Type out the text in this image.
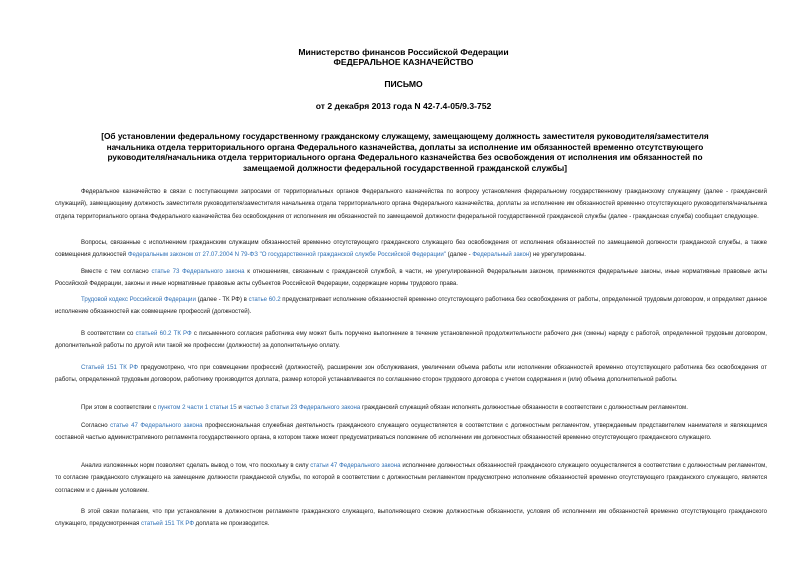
Министерство финансов Российской Федерации
ФЕДЕРАЛЬНОЕ КАЗНАЧЕЙСТВО
ПИСЬМО
от 2 декабря 2013 года N 42-7.4-05/9.3-752
[Об установлении федеральному государственному гражданскому служащему, замещающему должность заместителя руководителя/заместителя начальника отдела территориального органа Федерального казначейства, доплаты за исполнение им обязанностей временно отсутствующего руководителя/начальника отдела территориального органа Федерального казначейства без освобождения от исполнения им обязанностей по замещаемой должности федеральной государственной гражданской службы]
Федеральное казначейство в связи с поступающими запросами от территориальных органов Федерального казначейства по вопросу установления федеральному государственному гражданскому служащему (далее - гражданский служащий), замещающему должность заместителя руководителя/заместителя начальника отдела территориального органа Федерального казначейства, доплаты за исполнение им обязанностей временно отсутствующего руководителя/начальника отдела территориального органа Федерального казначейства без освобождения от исполнения им обязанностей по замещаемой должности федеральной государственной гражданской службы (далее - гражданская служба) сообщает следующее.
Вопросы, связанные с исполнением гражданским служащим обязанностей временно отсутствующего гражданского служащего без освобождения от исполнения обязанностей по замещаемой должности гражданской службы, а также совмещения должностей Федеральным законом от 27.07.2004 N 79-ФЗ "О государственной гражданской службе Российской Федерации" (далее - Федеральный закон) не урегулированы.
Вместе с тем согласно статье 73 Федерального закона к отношениям, связанным с гражданской службой, в части, не урегулированной Федеральным законом, применяются федеральные законы, иные нормативные правовые акты Российской Федерации, законы и иные нормативные правовые акты субъектов Российской Федерации, содержащие нормы трудового права.
Трудовой кодекс Российской Федерации (далее - ТК РФ) в статье 60.2 предусматривает исполнение обязанностей временно отсутствующего работника без освобождения от работы, определенной трудовым договором, и определяет данное исполнение обязанностей как совмещение профессий (должностей).
В соответствии со статьей 60.2 ТК РФ с письменного согласия работника ему может быть поручено выполнение в течение установленной продолжительности рабочего дня (смены) наряду с работой, определенной трудовым договором, дополнительной работы по другой или такой же профессии (должности) за дополнительную оплату.
Статьей 151 ТК РФ предусмотрено, что при совмещении профессий (должностей), расширении зон обслуживания, увеличении объема работы или исполнении обязанностей временно отсутствующего работника без освобождения от работы, определенной трудовым договором, работнику производится доплата, размер которой устанавливается по соглашению сторон трудового договора с учетом содержания и (или) объема дополнительной работы.
При этом в соответствии с пунктом 2 части 1 статьи 15 и частью 3 статьи 23 Федерального закона гражданский служащий обязан исполнять должностные обязанности в соответствии с должностным регламентом.
Согласно статье 47 Федерального закона профессиональная служебная деятельность гражданского служащего осуществляется в соответствии с должностным регламентом, утверждаемым представителем нанимателя и являющимся составной частью административного регламента государственного органа, в котором также может предусматриваться положение об исполнении им должностных обязанностей временно отсутствующего гражданского служащего.
Анализ изложенных норм позволяет сделать вывод о том, что поскольку в силу статьи 47 Федерального закона исполнение должностных обязанностей гражданского служащего осуществляется в соответствии с должностным регламентом, то согласие гражданского служащего на замещение должности гражданской службы, по которой в соответствии с должностным регламентом предусмотрено исполнение обязанностей временно отсутствующего гражданского служащего, является согласием и с данным условием.
В этой связи полагаем, что при установлении в должностном регламенте гражданского служащего, выполняющего схожие должностные обязанности, условия об исполнении им обязанностей временно отсутствующего гражданского служащего, предусмотренная статьей 151 ТК РФ доплата не производится.
